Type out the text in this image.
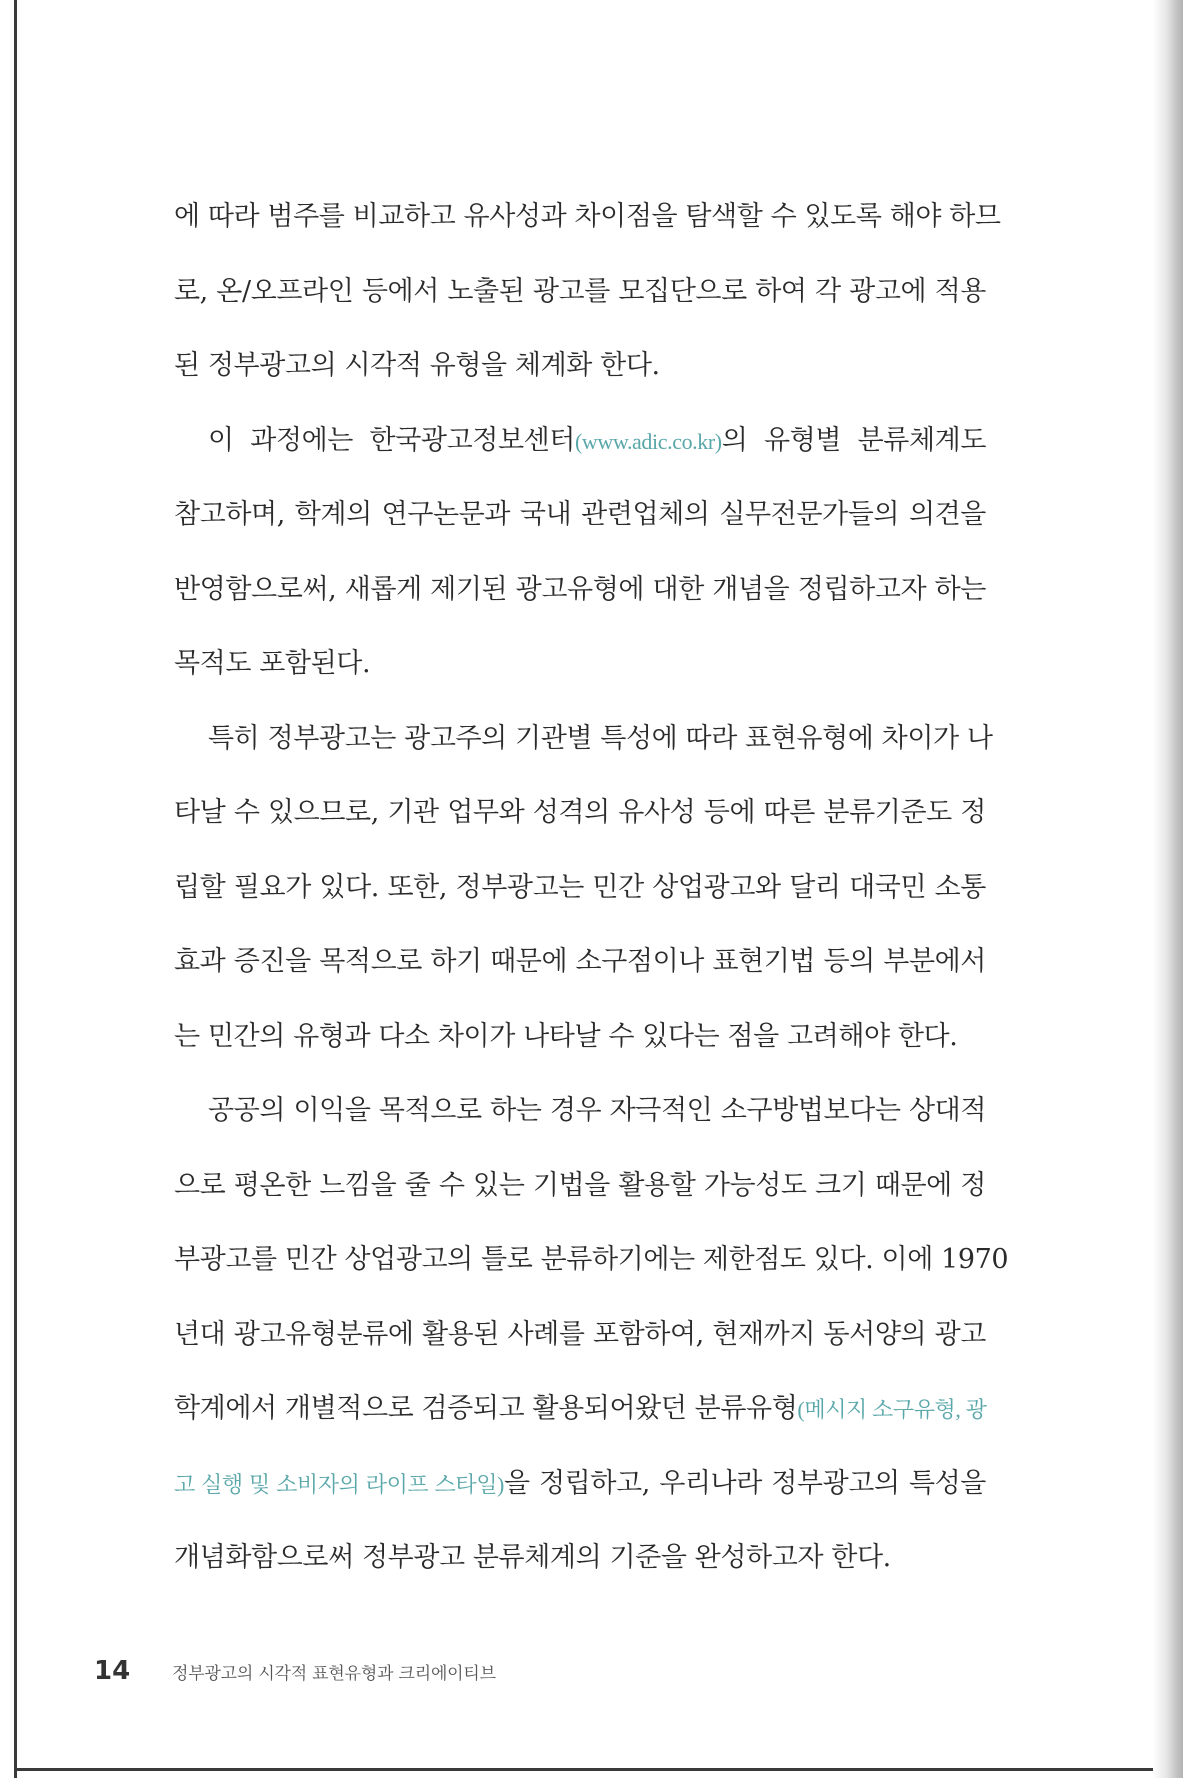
에 따라 범주를 비교하고 유사성과 차이점을 탐색할 수 있도록 해야 하므
로, 온/오프라인 등에서 노출된 광고를 모집단으로 하여 각 광고에 적용
된 정부광고의 시각적 유형을 체계화 한다.
이 과정에는 한국광고정보센터(www.adic.co.kr)의 유형별 분류체계도
참고하며, 학계의 연구논문과 국내 관련업체의 실무전문가들의 의견을
반영함으로써, 새롭게 제기된 광고유형에 대한 개념을 정립하고자 하는
목적도 포함된다.
특히 정부광고는 광고주의 기관별 특성에 따라 표현유형에 차이가 나
타날 수 있으므로, 기관 업무와 성격의 유사성 등에 따른 분류기준도 정
립할 필요가 있다. 또한, 정부광고는 민간 상업광고와 달리 대국민 소통
효과 증진을 목적으로 하기 때문에 소구점이나 표현기법 등의 부분에서
는 민간의 유형과 다소 차이가 나타날 수 있다는 점을 고려해야 한다.
공공의 이익을 목적으로 하는 경우 자극적인 소구방법보다는 상대적
으로 평온한 느낌을 줄 수 있는 기법을 활용할 가능성도 크기 때문에 정
부광고를 민간 상업광고의 틀로 분류하기에는 제한점도 있다. 이에 1970
년대 광고유형분류에 활용된 사례를 포함하여, 현재까지 동서양의 광고
학계에서 개별적으로 검증되고 활용되어왔던 분류유형(메시지 소구유형, 광
고 실행 및 소비자의 라이프 스타일)을 정립하고, 우리나라 정부광고의 특성을
개념화함으로써 정부광고 분류체계의 기준을 완성하고자 한다.
14	정부광고의 시각적 표현유형과 크리에이티브
